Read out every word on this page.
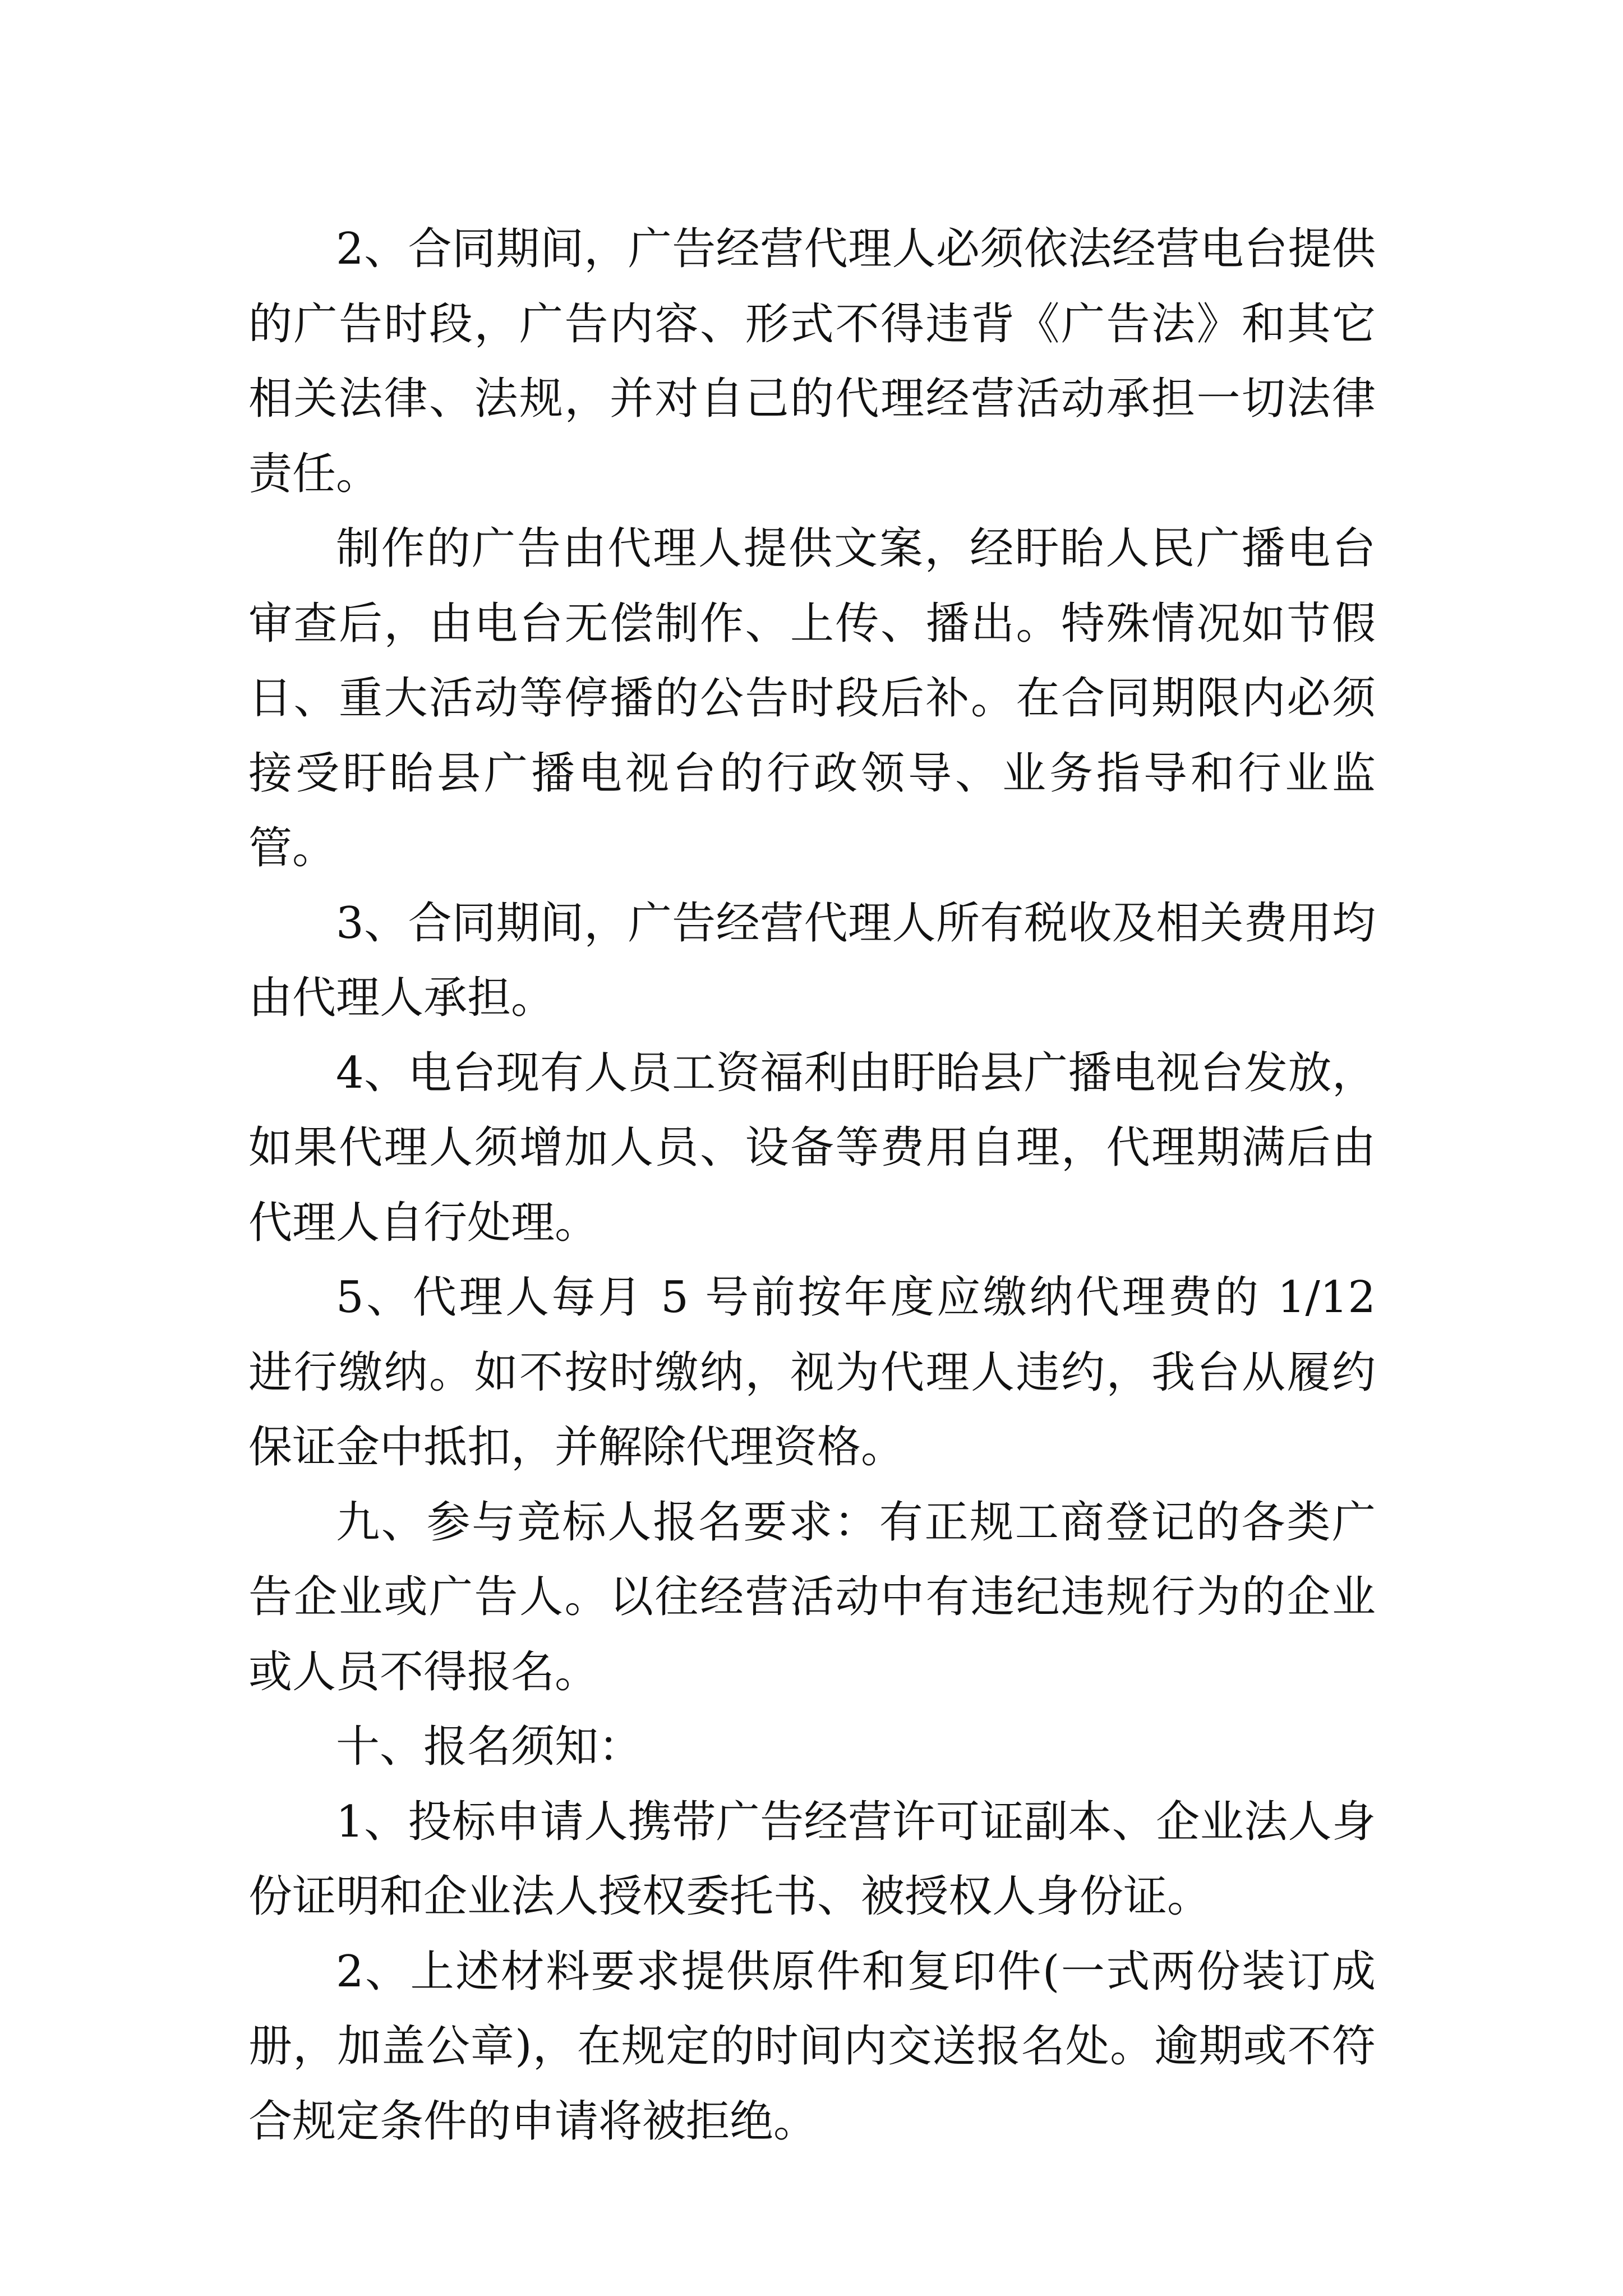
2、合同期间，广告经营代理人必须依法经营电台提供的广告时段，广告内容、形式不得违背《广告法》和其它相关法律、法规，并对自己的代理经营活动承担一切法律责任。

制作的广告由代理人提供文案，经盱眙人民广播电台审查后，由电台无偿制作、上传、播出。特殊情况如节假日、重大活动等停播的公告时段后补。在合同期限内必须接受盱眙县广播电视台的行政领导、业务指导和行业监管。

3、合同期间，广告经营代理人所有税收及相关费用均由代理人承担。

4、电台现有人员工资福利由盱眙县广播电视台发放，如果代理人须增加人员、设备等费用自理，代理期满后由代理人自行处理。

5、代理人每月 5 号前按年度应缴纳代理费的 1/12 进行缴纳。如不按时缴纳，视为代理人违约，我台从履约保证金中抵扣，并解除代理资格。

九、参与竞标人报名要求：有正规工商登记的各类广告企业或广告人。以往经营活动中有违纪违规行为的企业或人员不得报名。

十、报名须知：

1、投标申请人携带广告经营许可证副本、企业法人身份证明和企业法人授权委托书、被授权人身份证。

2、上述材料要求提供原件和复印件(一式两份装订成册，加盖公章)，在规定的时间内交送报名处。逾期或不符合规定条件的申请将被拒绝。
